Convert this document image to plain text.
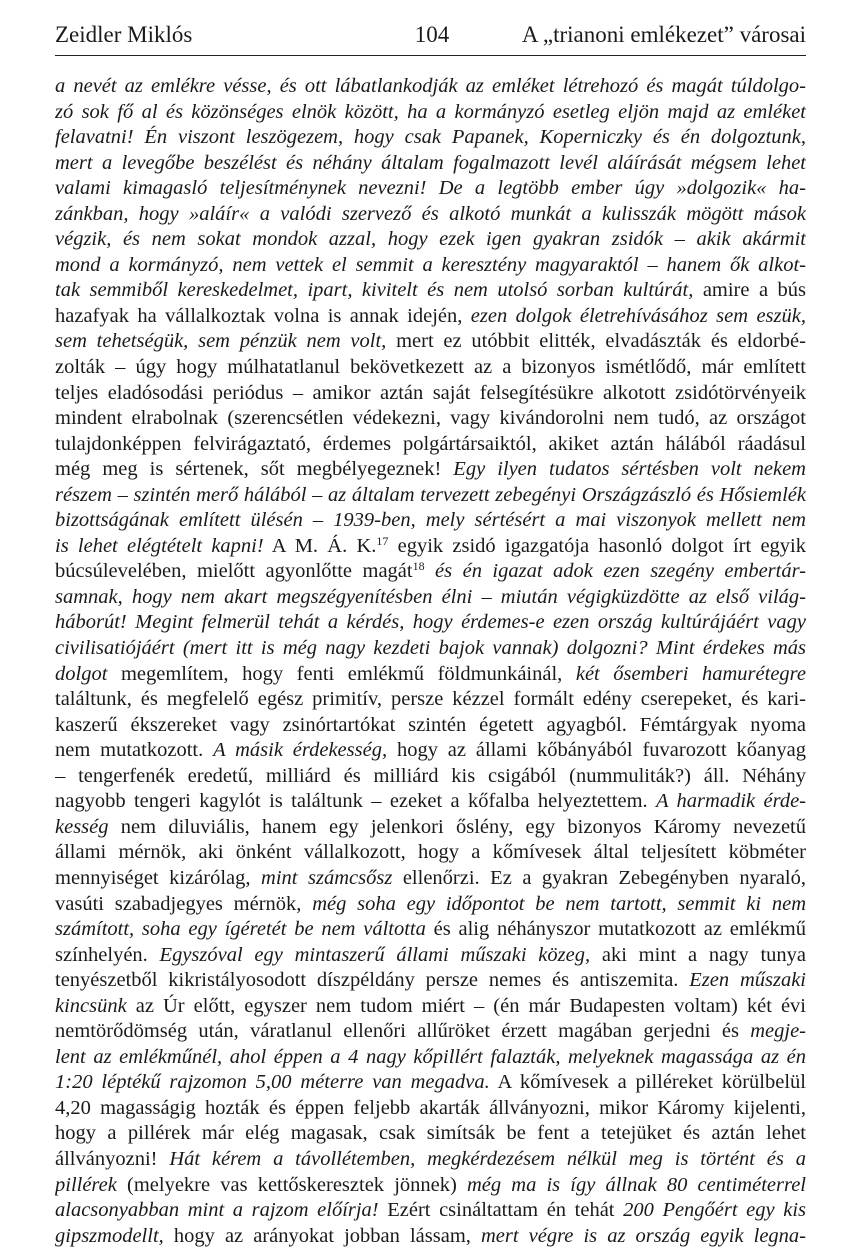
Zeidler Miklós	104	A „trianoni emlékezet” városai
a nevét az emlékre vésse, és ott lábatlankodják az emléket létrehozó és magát túldolgo-
zó sok fő al és közönséges elnök között, ha a kormányzó esetleg eljön majd az emléket
felavatni! Én viszont leszögezem, hogy csak Papanek, Koperniczky és én dolgoztunk,
mert a levegőbe beszélést és néhány általam fogalmazott levél aláírását mégsem lehet
valami kimagasló teljesítménynek nevezni! De a legtöbb ember úgy »dolgozik« ha-
zánkban, hogy »aláír« a valódi szervező és alkotó munkát a kulisszák mögött mások
végzik, és nem sokat mondok azzal, hogy ezek igen gyakran zsidók – akik akármit
mond a kormányzó, nem vettek el semmit a keresztény magyaraktól – hanem ők alkot-
tak semmiből kereskedelmet, ipart, kivitelt és nem utolsó sorban kultúrát, amire a bús
hazafyak ha vállalkoztak volna is annak idején, ezen dolgok életrehívásához sem eszük,
sem tehetségük, sem pénzük nem volt, mert ez utóbbit elitték, elvadászták és eldorbé-
zolták – úgy hogy múlhatatlanul bekövetkezett az a bizonyos ismétlődő, már említett
teljes eladósodási periódus – amikor aztán saját felsegítésükre alkotott zsidótörvényeik
mindent elrabolnak (szerencsétlen védekezni, vagy kivándorolni nem tudó, az országot
tulajdonképpen felvirágaztató, érdemes polgártársaiktól, akiket aztán hálából ráadásul
még meg is sértenek, sőt megbélyegeznek! Egy ilyen tudatos sértésben volt nekem
részem – szintén merő hálából – az általam tervezett zebegényi Országzászló és Hősiemlék
bizottságának említett ülésén – 1939-ben, mely sértésért a mai viszonyok mellett nem
is lehet elégtételt kapni! A M. Á. K.$^{17}$ egyik zsidó igazgatója hasonló dolgot írt egyik
búcsúlevelében, mielőtt agyonlőtte magát$^{18}$ és én igazat adok ezen szegény embertár-
samnak, hogy nem akart megszégyenítésben élni – miután végigküzdötte az első világ-
háborút! Megint felmerül tehát a kérdés, hogy érdemes-e ezen ország kultúrájáért vagy
civilisatiójáért (mert itt is még nagy kezdeti bajok vannak) dolgozni? Mint érdekes más
dolgot megemlítem, hogy fenti emlékmű földmunkáinál, két ősemberi hamurétegre
találtunk, és megfelelő egész primitív, persze kézzel formált edény cserepeket, és kari-
kaszerű ékszereket vagy zsinórtartókat szintén égetett agyagból. Fémtárgyak nyoma
nem mutatkozott. A másik érdekesség, hogy az állami kőbányából fuvarozott kőanyag
– tengerfenék eredetű, milliárd és milliárd kis csigából (nummuliták?) áll. Néhány
nagyobb tengeri kagylót is találtunk – ezeket a kőfalba helyeztettem. A harmadik érde-
kesség nem diluviális, hanem egy jelenkori őslény, egy bizonyos Káromy nevezetű
állami mérnök, aki önként vállalkozott, hogy a kőmívesek által teljesített köbméter
mennyiséget kizárólag, mint számcsősz ellenőrzi. Ez a gyakran Zebegényben nyaraló,
vasúti szabadjegyes mérnök, még soha egy időpontot be nem tartott, semmit ki nem
számított, soha egy ígéretét be nem váltotta és alig néhányszor mutatkozott az emlékmű
színhelyén. Egyszóval egy mintaszerű állami műszaki közeg, aki mint a nagy tunya
tenyészetből kikristályosodott díszpéldány persze nemes és antiszemita. Ezen műszaki
kincsünk az Úr előtt, egyszer nem tudom miért – (én már Budapesten voltam) két évi
nemtörődömség után, váratlanul ellenőri allűröket érzett magában gerjedni és megje-
lent az emlékműnél, ahol éppen a 4 nagy kőpillért falazták, melyeknek magassága az én
1:20 léptékű rajzomon 5,00 méterre van megadva. A kőmívesek a pilléreket körülbelül
4,20 magasságig hozták és éppen feljebb akarták állványozni, mikor Káromy kijelenti,
hogy a pillérek már elég magasak, csak simítsák be fent a tetejüket és aztán lehet
állványozni! Hát kérem a távollétemben, megkérdezésem nélkül meg is történt és a
pillérek (melyekre vas kettőskeresztek jönnek) még ma is így állnak 80 centiméterrel
alacsonyabban mint a rajzom előírja! Ezért csináltattam én tehát 200 Pengőért egy kis
gipszmodellt, hogy az arányokat jobban lássam, mert végre is az ország egyik legna-
